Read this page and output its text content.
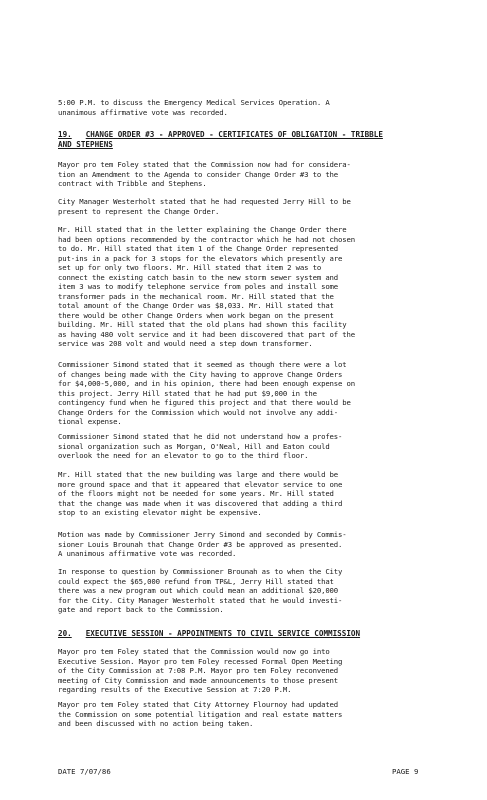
5:00 P.M. to discuss the Emergency Medical Services Operation. A
unanimous affirmative vote was recorded.

19. CHANGE ORDER #3 - APPROVED - CERTIFICATES OF OBLIGATION - TRIBBLE
AND STEPHENS

Mayor pro tem Foley stated that the Commission now had for considera-
tion an Amendment to the Agenda to consider Change Order #3 to the
contract with Tribble and Stephens.

City Manager Westerholt stated that he had requested Jerry Hill to be
present to represent the Change Order.

Mr. Hill stated that in the letter explaining the Change Order there
had been options recommended by the contractor which he had not chosen
to do. Mr. Hill stated that item 1 of the Change Order represented
put-ins in a pack for 3 stops for the elevators which presently are
set up for only two floors. Mr. Hill stated that item 2 was to
connect the existing catch basin to the new storm sewer system and
item 3 was to modify telephone service from poles and install some
transformer pads in the mechanical room. Mr. Hill stated that the
total amount of the Change Order was $8,033. Mr. Hill stated that
there would be other Change Orders when work began on the present
building. Mr. Hill stated that the old plans had shown this facility
as having 480 volt service and it had been discovered that part of the
service was 208 volt and would need a step down transformer.

Commissioner Simond stated that it seemed as though there were a lot
of changes being made with the City having to approve Change Orders
for $4,000-5,000, and in his opinion, there had been enough expense on
this project. Jerry Hill stated that he had put $9,000 in the
contingency fund when he figured this project and that there would be
Change Orders for the Commission which would not involve any addi-
tional expense.

Commissioner Simond stated that he did not understand how a profes-
sional organization such as Morgan, O'Neal, Hill and Eaton could
overlook the need for an elevator to go to the third floor.

Mr. Hill stated that the new building was large and there would be
more ground space and that it appeared that elevator service to one
of the floors might not be needed for some years. Mr. Hill stated
that the change was made when it was discovered that adding a third
stop to an existing elevator might be expensive.

Motion was made by Commissioner Jerry Simond and seconded by Commis-
sioner Louis Brounah that Change Order #3 be approved as presented.
A unanimous affirmative vote was recorded.

In response to question by Commissioner Brounah as to when the City
could expect the $65,000 refund from TP&L, Jerry Hill stated that
there was a new program out which could mean an additional $20,000
for the City. City Manager Westerholt stated that he would investi-
gate and report back to the Commission.

20. EXECUTIVE SESSION - APPOINTMENTS TO CIVIL SERVICE COMMISSION

Mayor pro tem Foley stated that the Commission would now go into
Executive Session. Mayor pro tem Foley recessed Formal Open Meeting
of the City Commission at 7:08 P.M. Mayor pro tem Foley reconvened
meeting of City Commission and made announcements to those present
regarding results of the Executive Session at 7:20 P.M.

Mayor pro tem Foley stated that City Attorney Flournoy had updated
the Commission on some potential litigation and real estate matters
and been discussed with no action being taken.

DATE 7/07/86	PAGE 9
